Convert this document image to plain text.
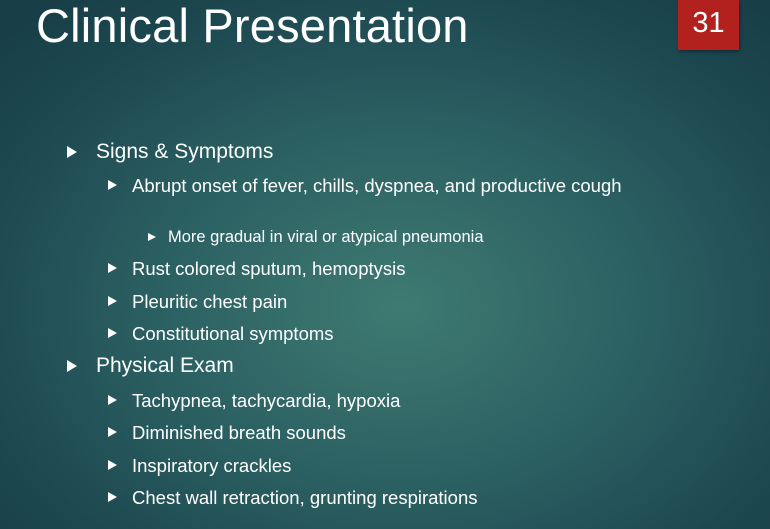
Clinical Presentation	31
Signs & Symptoms
Abrupt onset of fever, chills, dyspnea, and productive cough
More gradual in viral or atypical pneumonia
Rust colored sputum, hemoptysis
Pleuritic chest pain
Constitutional symptoms
Physical Exam
Tachypnea, tachycardia, hypoxia
Diminished breath sounds
Inspiratory crackles
Chest wall retraction, grunting respirations
